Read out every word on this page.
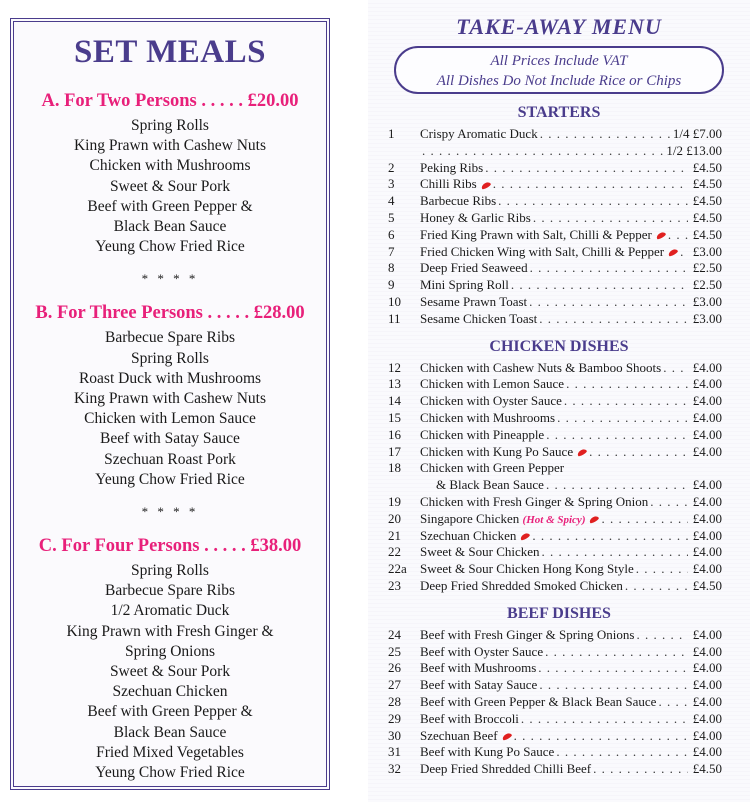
SET MEALS
A. For Two Persons . . . . . £20.00
Spring Rolls
King Prawn with Cashew Nuts
Chicken with Mushrooms
Sweet & Sour Pork
Beef with Green Pepper &
Black Bean Sauce
Yeung Chow Fried Rice
* * * *
B. For Three Persons . . . . . £28.00
Barbecue Spare Ribs
Spring Rolls
Roast Duck with Mushrooms
King Prawn with Cashew Nuts
Chicken with Lemon Sauce
Beef with Satay Sauce
Szechuan Roast Pork
Yeung Chow Fried Rice
* * * *
C. For Four Persons . . . . . £38.00
Spring Rolls
Barbecue Spare Ribs
1/2 Aromatic Duck
King Prawn with Fresh Ginger &
Spring Onions
Sweet & Sour Pork
Szechuan Chicken
Beef with Green Pepper &
Black Bean Sauce
Fried Mixed Vegetables
Yeung Chow Fried Rice
TAKE-AWAY MENU
All Prices Include VAT
All Dishes Do Not Include Rice or Chips
STARTERS
1	Crispy Aromatic Duck . . .	1/4 £7.00
. . .
1/2 £13.00
2	Peking Ribs . . .	£4.50
3	Chilli Ribs . . .	£4.50
4	Barbecue Ribs . . .	£4.50
5	Honey & Garlic Ribs . . .	£4.50
6	Fried King Prawn with Salt, Chilli & Pepper . . .	£4.50
7	Fried Chicken Wing with Salt, Chilli & Pepper . . .	£3.00
8	Deep Fried Seaweed . . .	£2.50
9	Mini Spring Roll . . .	£2.50
10	Sesame Prawn Toast . . .	£3.00
11	Sesame Chicken Toast . . .	£3.00
CHICKEN DISHES
12	Chicken with Cashew Nuts & Bamboo Shoots . . . £4.00
13	Chicken with Lemon Sauce . . .	£4.00
14	Chicken with Oyster Sauce . . .	£4.00
15	Chicken with Mushrooms . . .	£4.00
16	Chicken with Pineapple . . .	£4.00
17	Chicken with Kung Po Sauce . . .	£4.00
18	Chicken with Green Pepper
& Black Bean Sauce . . .	£4.00
19	Chicken with Fresh Ginger & Spring Onion . . .	£4.00
20	Singapore Chicken (Hot & Spicy) . . .	£4.00
21	Szechuan Chicken . . .	£4.00
22	Sweet & Sour Chicken . . .	£4.00
22a	Sweet & Sour Chicken Hong Kong Style . . .	£4.00
23	Deep Fried Shredded Smoked Chicken . . .	£4.50
BEEF DISHES
24	Beef with Fresh Ginger & Spring Onions . . .	£4.00
25	Beef with Oyster Sauce . . .	£4.00
26	Beef with Mushrooms . . .	£4.00
27	Beef with Satay Sauce . . .	£4.00
28	Beef with Green Pepper & Black Bean Sauce . . .	£4.00
29	Beef with Broccoli . . .	£4.00
30	Szechuan Beef . . .	£4.00
31	Beef with Kung Po Sauce . . .	£4.00
32	Deep Fried Shredded Chilli Beef . . .	£4.50
